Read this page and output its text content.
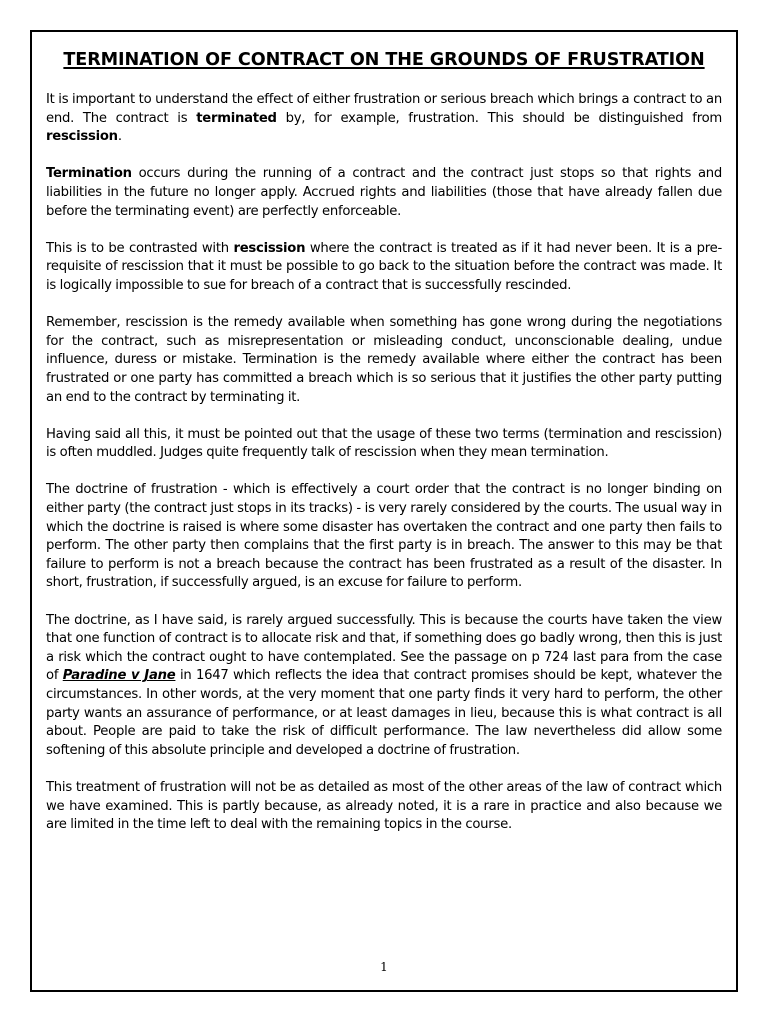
TERMINATION OF CONTRACT ON THE GROUNDS OF FRUSTRATION

It is important to understand the effect of either frustration or serious breach which brings a contract to an end. The contract is terminated by, for example, frustration. This should be distinguished from rescission.

Termination occurs during the running of a contract and the contract just stops so that rights and liabilities in the future no longer apply. Accrued rights and liabilities (those that have already fallen due before the terminating event) are perfectly enforceable.

This is to be contrasted with rescission where the contract is treated as if it had never been. It is a pre-requisite of rescission that it must be possible to go back to the situation before the contract was made. It is logically impossible to sue for breach of a contract that is successfully rescinded.

Remember, rescission is the remedy available when something has gone wrong during the negotiations for the contract, such as misrepresentation or misleading conduct, unconscionable dealing, undue influence, duress or mistake. Termination is the remedy available where either the contract has been frustrated or one party has committed a breach which is so serious that it justifies the other party putting an end to the contract by terminating it.

Having said all this, it must be pointed out that the usage of these two terms (termination and rescission) is often muddled. Judges quite frequently talk of rescission when they mean termination.

The doctrine of frustration - which is effectively a court order that the contract is no longer binding on either party (the contract just stops in its tracks) - is very rarely considered by the courts. The usual way in which the doctrine is raised is where some disaster has overtaken the contract and one party then fails to perform. The other party then complains that the first party is in breach. The answer to this may be that failure to perform is not a breach because the contract has been frustrated as a result of the disaster. In short, frustration, if successfully argued, is an excuse for failure to perform.

The doctrine, as I have said, is rarely argued successfully. This is because the courts have taken the view that one function of contract is to allocate risk and that, if something does go badly wrong, then this is just a risk which the contract ought to have contemplated. See the passage on p 724 last para from the case of Paradine v Jane in 1647 which reflects the idea that contract promises should be kept, whatever the circumstances. In other words, at the very moment that one party finds it very hard to perform, the other party wants an assurance of performance, or at least damages in lieu, because this is what contract is all about. People are paid to take the risk of difficult performance. The law nevertheless did allow some softening of this absolute principle and developed a doctrine of frustration.

This treatment of frustration will not be as detailed as most of the other areas of the law of contract which we have examined. This is partly because, as already noted, it is a rare in practice and also because we are limited in the time left to deal with the remaining topics in the course.

1
